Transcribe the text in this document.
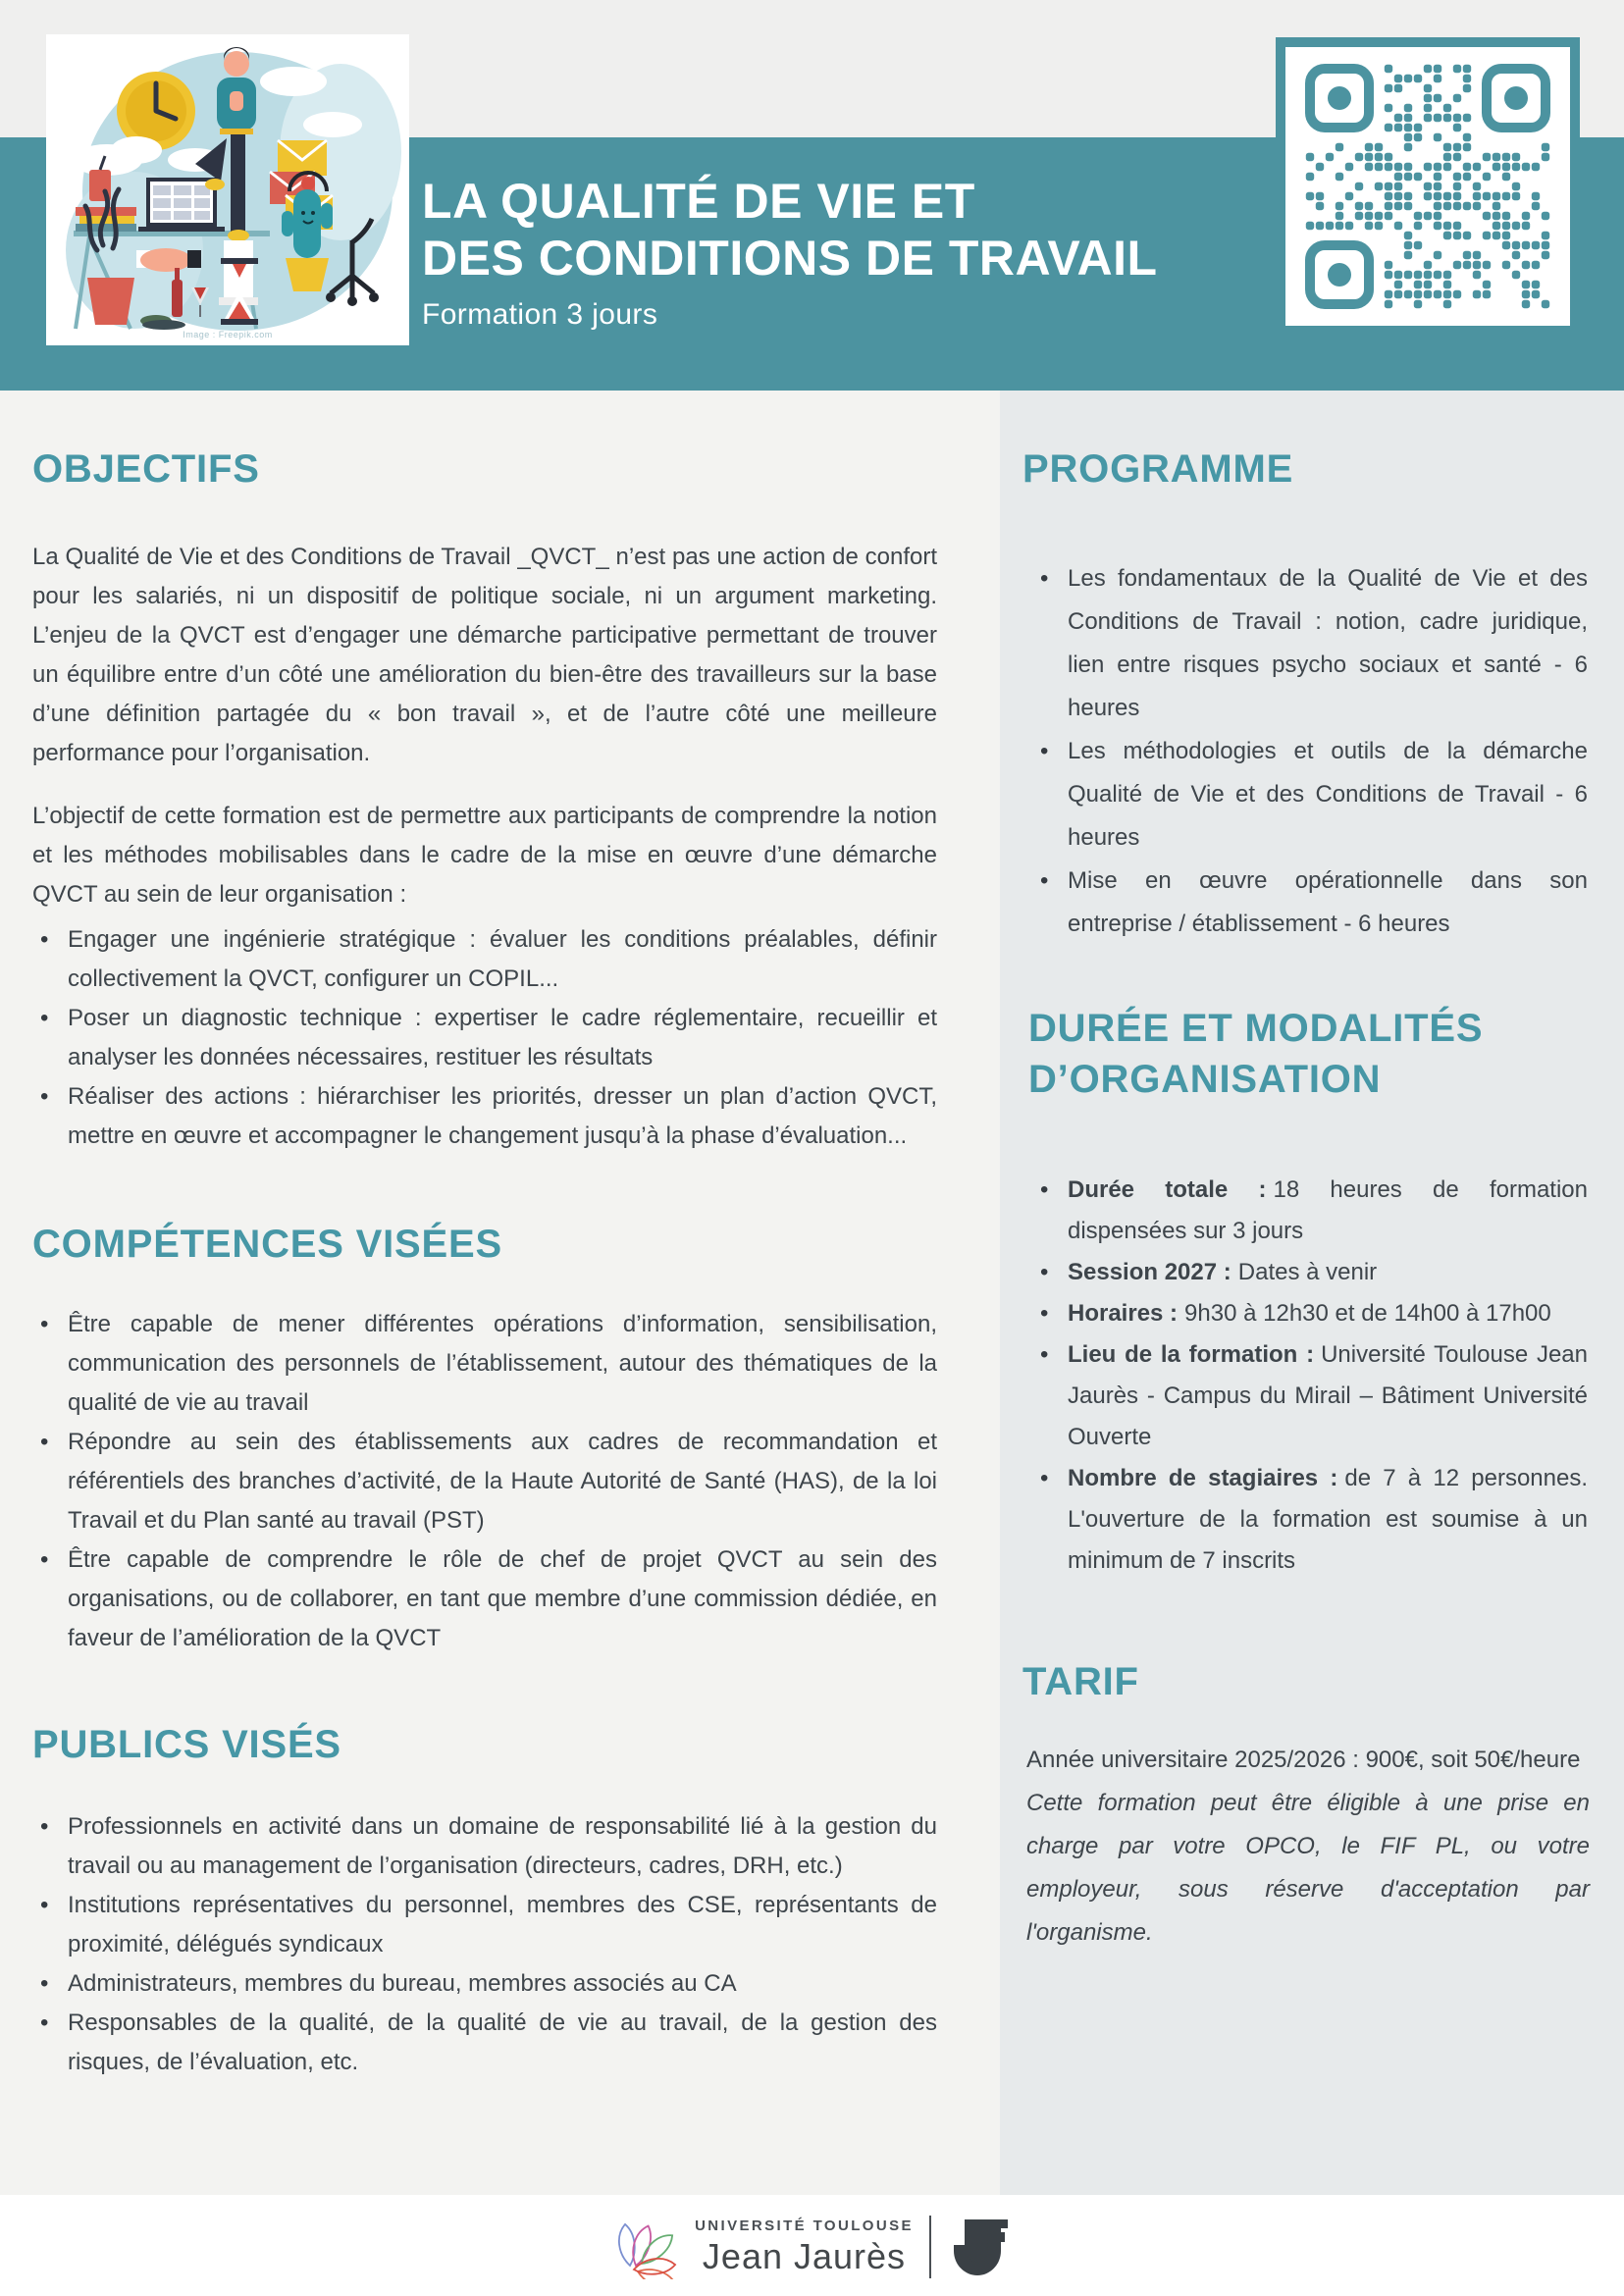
Image : Freepik.com
LA QUALITÉ DE VIE ET
DES CONDITIONS DE TRAVAIL
Formation 3 jours
OBJECTIFS
La Qualité de Vie et des Conditions de Travail _QVCT_ n’est pas une action de confort pour les salariés, ni un dispositif de politique sociale, ni un argument marketing. L’enjeu de la QVCT est d’engager une démarche participative permettant de trouver un équilibre entre d’un côté une amélioration du bien-être des travailleurs sur la base d’une définition partagée du « bon travail », et de l’autre côté une meilleure performance pour l’organisation.
L’objectif de cette formation est de permettre aux participants de comprendre la notion et les méthodes mobilisables dans le cadre de la mise en œuvre d’une démarche QVCT au sein de leur organisation :
• Engager une ingénierie stratégique : évaluer les conditions préalables, définir collectivement la QVCT, configurer un COPIL...
• Poser un diagnostic technique : expertiser le cadre réglementaire, recueillir et analyser les données nécessaires, restituer les résultats
• Réaliser des actions : hiérarchiser les priorités, dresser un plan d’action QVCT, mettre en œuvre et accompagner le changement jusqu’à la phase d’évaluation...
COMPÉTENCES VISÉES
• Être capable de mener différentes opérations d’information, sensibilisation, communication des personnels de l’établissement, autour des thématiques de la qualité de vie au travail
• Répondre au sein des établissements aux cadres de recommandation et référentiels des branches d’activité, de la Haute Autorité de Santé (HAS), de la loi Travail et du Plan santé au travail (PST)
• Être capable de comprendre le rôle de chef de projet QVCT au sein des organisations, ou de collaborer, en tant que membre d’une commission dédiée, en faveur de l’amélioration de la QVCT
PUBLICS VISÉS
• Professionnels en activité dans un domaine de responsabilité lié à la gestion du travail ou au management de l’organisation (directeurs, cadres, DRH, etc.)
• Institutions représentatives du personnel, membres des CSE, représentants de proximité, délégués syndicaux
• Administrateurs, membres du bureau, membres associés au CA
• Responsables de la qualité, de la qualité de vie au travail, de la gestion des risques, de l’évaluation, etc.
PROGRAMME
• Les fondamentaux de la Qualité de Vie et des Conditions de Travail : notion, cadre juridique, lien entre risques psycho sociaux et santé - 6 heures
• Les méthodologies et outils de la démarche Qualité de Vie et des Conditions de Travail - 6 heures
• Mise en œuvre opérationnelle dans son entreprise / établissement - 6 heures
DURÉE ET MODALITÉS
D’ORGANISATION
• Durée totale : 18 heures de formation dispensées sur 3 jours
• Session 2027 : Dates à venir
• Horaires : 9h30 à 12h30 et de 14h00 à 17h00
• Lieu de la formation : Université Toulouse Jean Jaurès - Campus du Mirail – Bâtiment Université Ouverte
• Nombre de stagiaires : de 7 à 12 personnes. L'ouverture de la formation est soumise à un minimum de 7 inscrits
TARIF
Année universitaire 2025/2026 : 900€, soit 50€/heure
Cette formation peut être éligible à une prise en charge par votre OPCO, le FIF PL, ou votre employeur, sous réserve d'acceptation par l'organisme.
UNIVERSITÉ TOULOUSE
Jean Jaurès
